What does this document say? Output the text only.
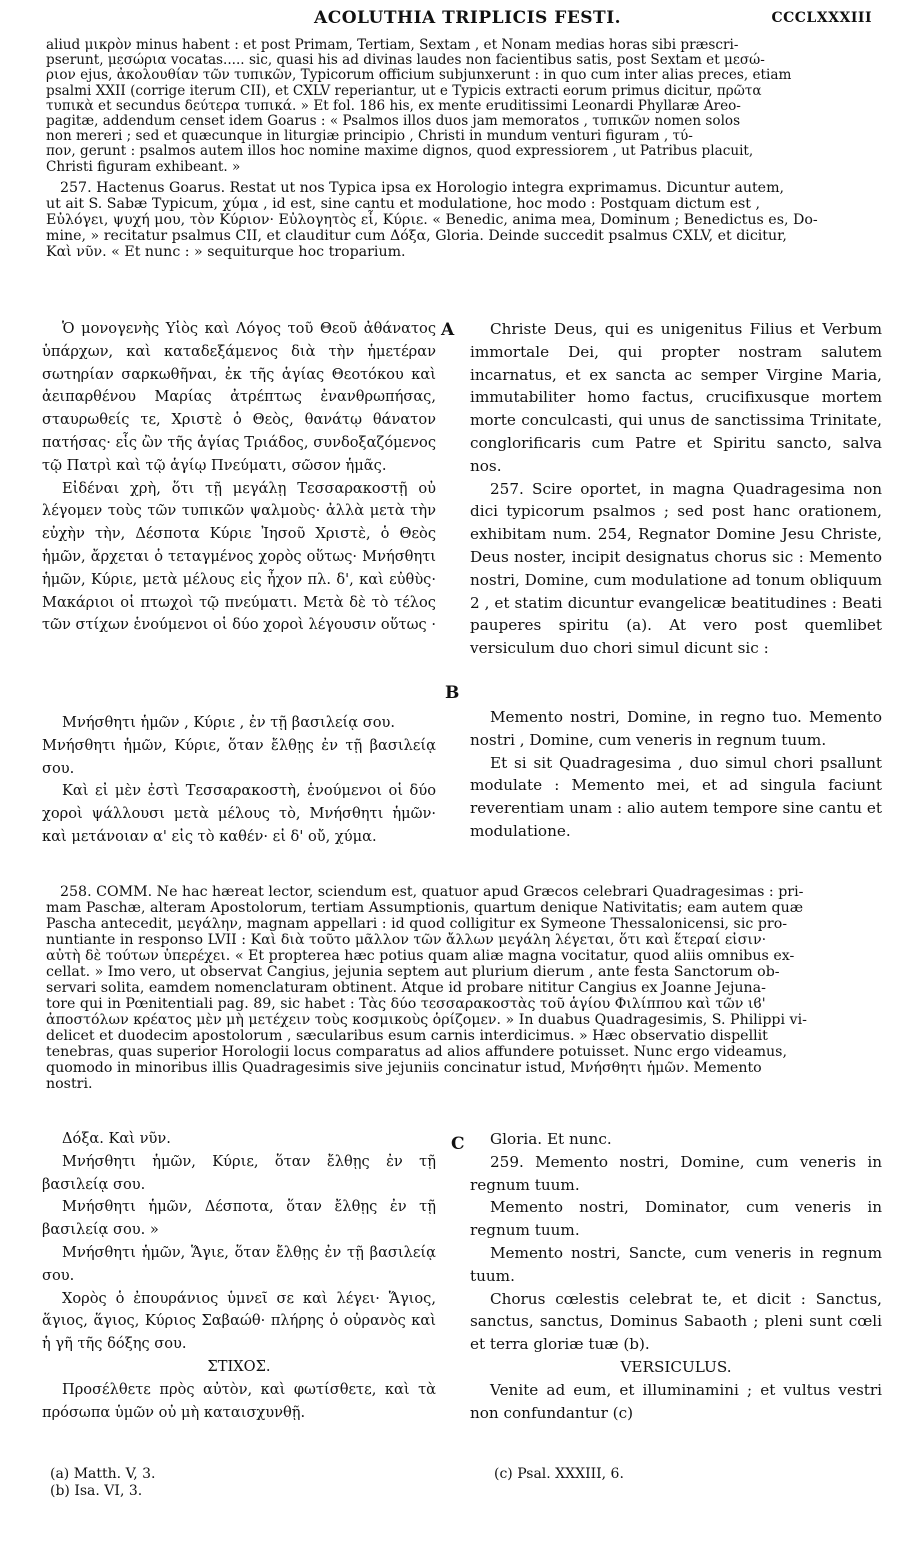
ACOLUTHIA TRIPLICIS FESTI.	CCCLXXXIII

aliud μικρὸν minus habent : et post Primam, Tertiam, Sextam , et Nonam medias horas sibi præscri-

pserunt, μεσώρια vocatas..... sic, quasi his ad divinas laudes non facientibus satis, post Sextam et μεσώ-

ριον ejus, ἀκολουθίαν τῶν τυπικῶν, Typicorum officium subjunxerunt : in quo cum inter alias preces, etiam

psalmi XXII (corrige iterum CII), et CXLV reperiantur, ut e Typicis extracti eorum primus dicitur, πρῶτα

τυπικὰ et secundus δεύτερα τυπικά. » Et fol. 186 his, ex mente eruditissimi Leonardi Phyllaræ Areo-

pagitæ, addendum censet idem Goarus : « Psalmos illos duos jam memoratos , τυπικῶν nomen solos

non mereri ; sed et quæcunque in liturgiæ principio , Christi in mundum venturi figuram , τύ-

πον, gerunt : psalmos autem illos hoc nomine maxime dignos, quod expressiorem , ut Patribus placuit,

Christi figuram exhibeant. »

257. Hactenus Goarus. Restat ut nos Typica ipsa ex Horologio integra exprimamus. Dicuntur autem,

ut ait S. Sabæ Typicum, χύμα , id est, sine cantu et modulatione, hoc modo : Postquam dictum est ,

Εὐλόγει, ψυχή μου, τὸν Κύριον· Εὐλογητὸς εἶ, Κύριε. « Benedic, anima mea, Dominum ; Benedictus es, Do-

mine, » recitatur psalmus CII, et clauditur cum Δόξα, Gloria. Deinde succedit psalmus CXLV, et dicitur,

Καὶ νῦν. « Et nunc : » sequiturque hoc troparium.

A

Ὁ μονογενὴς Υἱὸς καὶ Λόγος τοῦ Θεοῦ ἀθάνατος ὑπάρχων, καὶ καταδεξάμενος διὰ τὴν ἡμετέραν σωτηρίαν σαρκωθῆναι, ἐκ τῆς ἁγίας Θεοτόκου καὶ ἀειπαρθένου Μαρίας ἀτρέπτως ἐνανθρωπήσας, σταυρωθείς τε, Χριστὲ ὁ Θεὸς, θανάτῳ θάνατον πατήσας· εἷς ὢν τῆς ἁγίας Τριάδος, συνδοξαζόμενος τῷ Πατρὶ καὶ τῷ ἁγίῳ Πνεύματι, σῶσον ἡμᾶς.

Εἰδέναι χρὴ, ὅτι τῇ μεγάλῃ Τεσσαρακοστῇ οὐ λέγομεν τοὺς τῶν τυπικῶν ψαλμοὺς· ἀλλὰ μετὰ τὴν εὐχὴν τὴν, Δέσποτα Κύριε Ἰησοῦ Χριστὲ, ὁ Θεὸς ἡμῶν, ἄρχεται ὁ τεταγμένος χορὸς οὕτως· Μνήσθητι ἡμῶν, Κύριε, μετὰ μέλους εἰς ἦχον πλ. δ', καὶ εὐθὺς· Μακάριοι οἱ πτωχοὶ τῷ πνεύματι. Μετὰ δὲ τὸ τέλος τῶν στίχων ἑνούμενοι οἱ δύο χοροὶ λέγουσιν οὕτως ·

Christe Deus, qui es unigenitus Filius et Verbum immortale Dei, qui propter nostram salutem incarnatus, et ex sancta ac semper Virgine Maria, immutabiliter homo factus, crucifixusque mortem morte conculcasti, qui unus de sanctissima Trinitate, conglorificaris cum Patre et Spiritu sancto, salva nos.

257. Scire oportet, in magna Quadragesima non dici typicorum psalmos ; sed post hanc orationem, exhibitam num. 254, Regnator Domine Jesu Christe, Deus noster, incipit designatus chorus sic : Memento nostri, Domine, cum modulatione ad tonum obliquum 2 , et statim dicuntur evangelicæ beatitudines : Beati pauperes spiritu (a). At vero post quemlibet versiculum duo chori simul dicunt sic :

B

Μνήσθητι ἡμῶν , Κύριε , ἐν τῇ βασιλείᾳ σου.

Μνήσθητι ἡμῶν, Κύριε, ὅταν ἔλθῃς ἐν τῇ βασιλείᾳ σου.

Καὶ εἰ μὲν ἐστὶ Τεσσαρακοστὴ, ἑνούμενοι οἱ δύο χοροὶ ψάλλουσι μετὰ μέλους τὸ, Μνήσθητι ἡμῶν· καὶ μετάνοιαν α' εἰς τὸ καθέν· εἰ δ' οὔ, χύμα.

Memento nostri, Domine, in regno tuo. Memento nostri , Domine, cum veneris in regnum tuum.

Et si sit Quadragesima , duo simul chori psallunt modulate : Memento mei, et ad singula faciunt reverentiam unam : alio autem tempore sine cantu et modulatione.

258. COMM. Ne hac hæreat lector, sciendum est, quatuor apud Græcos celebrari Quadragesimas : pri-

mam Paschæ, alteram Apostolorum, tertiam Assumptionis, quartum denique Nativitatis; eam autem quæ

Pascha antecedit, μεγάλην, magnam appellari : id quod colligitur ex Symeone Thessalonicensi, sic pro-

nuntiante in responso LVII : Καὶ διὰ τοῦτο μᾶλλον τῶν ἄλλων μεγάλη λέγεται, ὅτι καὶ ἕτεραί εἰσιν·

αὐτὴ δὲ τούτων ὑπερέχει. « Et propterea hæc potius quam aliæ magna vocitatur, quod aliis omnibus ex-

cellat. » Imo vero, ut observat Cangius, jejunia septem aut plurium dierum , ante festa Sanctorum ob-

servari solita, eamdem nomenclaturam obtinent. Atque id probare nititur Cangius ex Joanne Jejuna-

tore qui in Pœnitentiali pag. 89, sic habet : Τὰς δύο τεσσαρακοστὰς τοῦ ἁγίου Φιλίππου καὶ τῶν ιϐ'

ἀποστόλων κρέατος μὲν μὴ μετέχειν τοὺς κοσμικοὺς ὁρίζομεν. » In duabus Quadragesimis, S. Philippi vi-

delicet et duodecim apostolorum , sæcularibus esum carnis interdicimus. » Hæc observatio dispellit

tenebras, quas superior Horologii locus comparatus ad alios affundere potuisset. Nunc ergo videamus,

quomodo in minoribus illis Quadragesimis sive jejuniis concinatur istud, Μνήσθητι ἡμῶν. Memento

nostri.

C

Δόξα. Καὶ νῦν.

Μνήσθητι ἡμῶν, Κύριε, ὅταν ἔλθῃς ἐν τῇ βασιλείᾳ σου.

Μνήσθητι ἡμῶν, Δέσποτα, ὅταν ἔλθῃς ἐν τῇ βασιλείᾳ σου. »

Μνήσθητι ἡμῶν, Ἅγιε, ὅταν ἔλθῃς ἐν τῇ βασιλείᾳ σου.

Χορὸς ὁ ἐπουράνιος ὑμνεῖ σε καὶ λέγει· Ἅγιος, ἅγιος, ἅγιος, Κύριος Σαβαώθ· πλήρης ὁ οὐρανὸς καὶ ἡ γῆ τῆς δόξης σου.

ΣΤΙΧΟΣ.

Προσέλθετε πρὸς αὐτὸν, καὶ φωτίσθετε, καὶ τὰ πρόσωπα ὑμῶν οὐ μὴ καταισχυνθῇ.

Gloria. Et nunc.

259. Memento nostri, Domine, cum veneris in regnum tuum.

Memento nostri, Dominator, cum veneris in regnum tuum.

Memento nostri, Sancte, cum veneris in regnum tuum.

Chorus cœlestis celebrat te, et dicit : Sanctus, sanctus, sanctus, Dominus Sabaoth ; pleni sunt cœli et terra gloriæ tuæ (b).

VERSICULUS.

Venite ad eum, et illuminamini ; et vultus vestri non confundantur (c)

(a) Matth. V, 3.

(b) Isa. VI, 3.

(c) Psal. XXXIII, 6.
